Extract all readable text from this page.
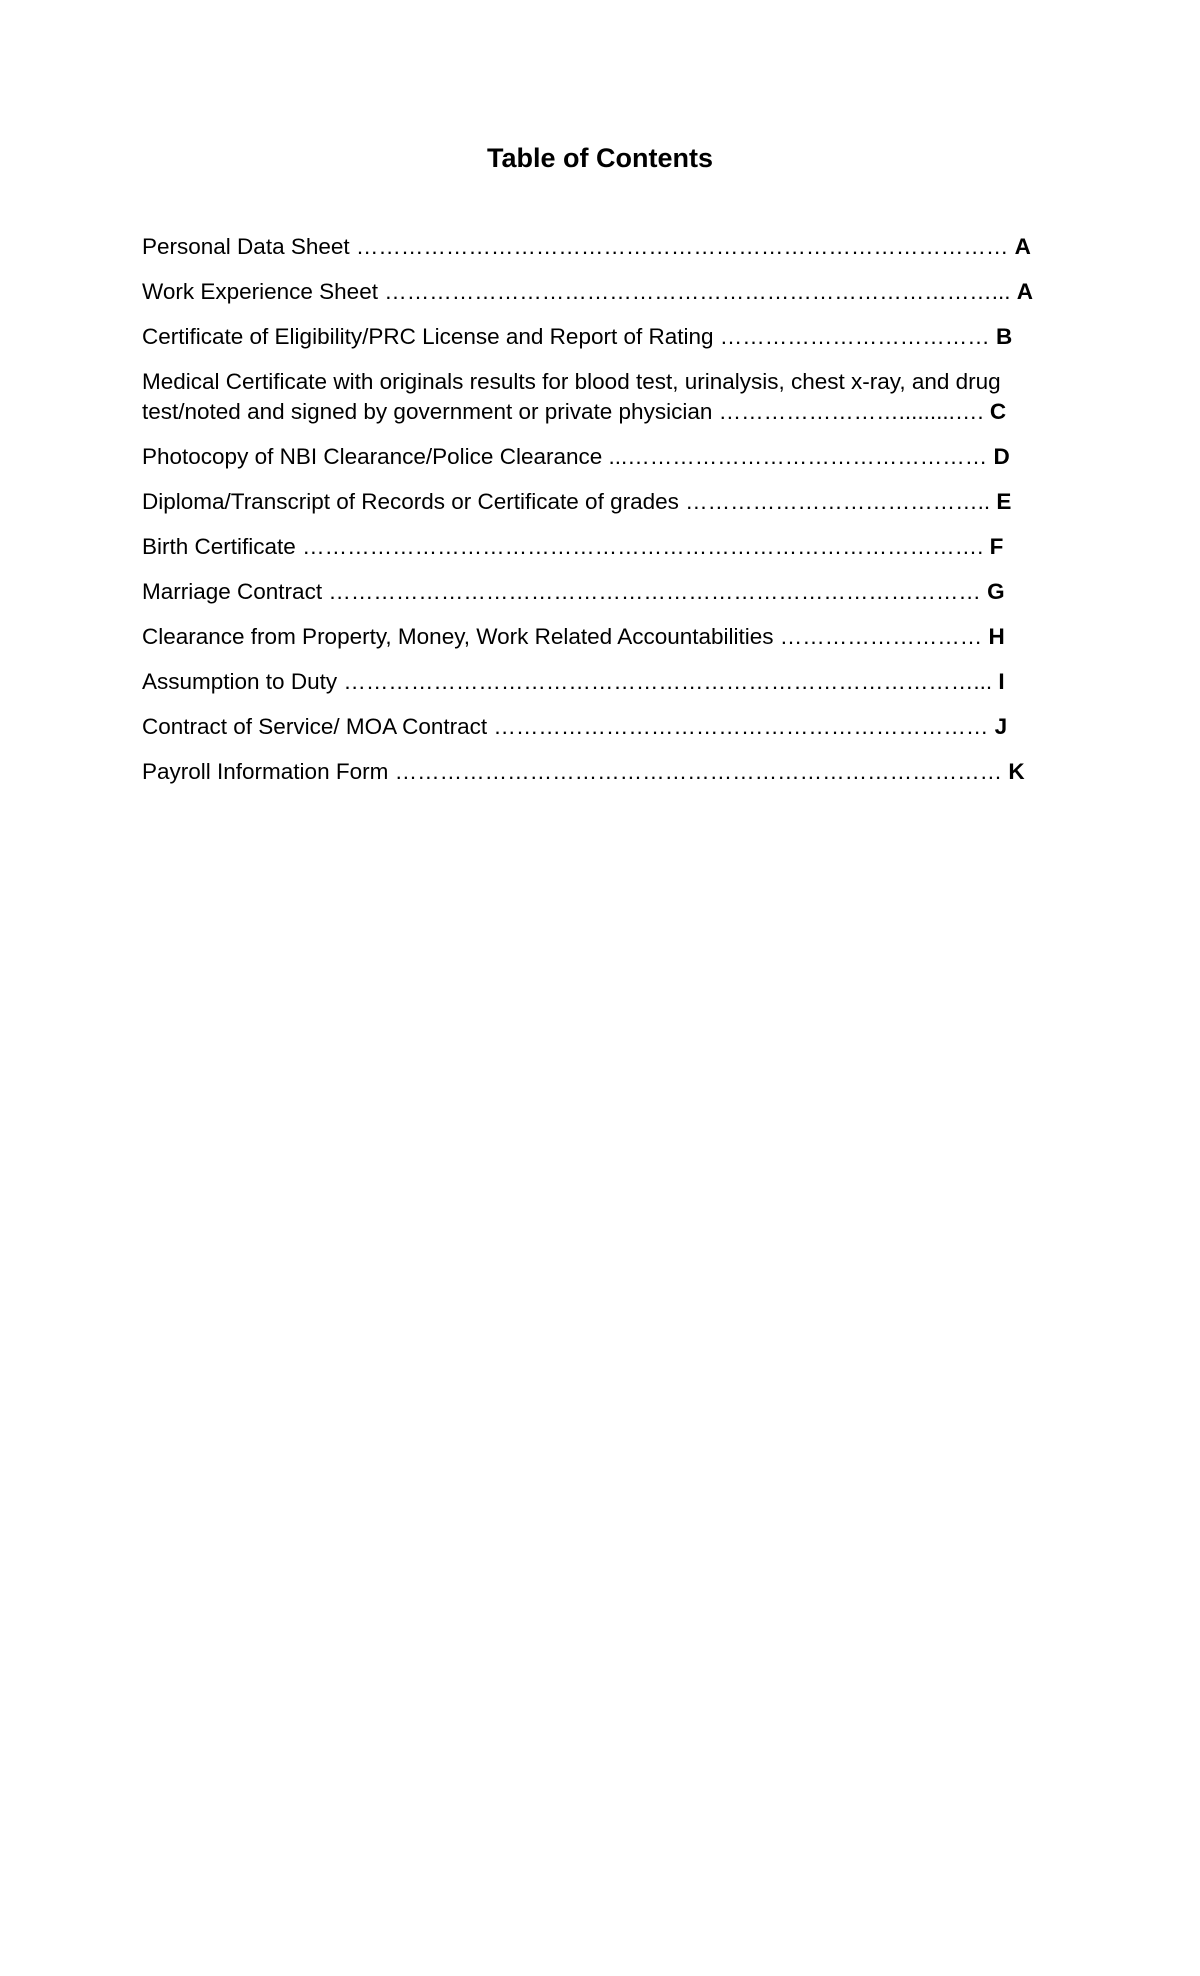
Table of Contents
Personal Data Sheet …………………………………………………………………………… A
Work Experience Sheet ………………………………………………………………………... A
Certificate of Eligibility/PRC License and Report of Rating ……………………………… B
Medical Certificate with originals results for blood test, urinalysis, chest x-ray, and drug
test/noted and signed by government or private physician …………………….........…. C
Photocopy of NBI Clearance/Police Clearance ...………………………………………… D
Diploma/Transcript of Records or Certificate of grades ………………………………….. E
Birth Certificate ………………………………………………………………………………. F
Marriage Contract …………………………………………………………………………… G
Clearance from Property, Money, Work Related Accountabilities ……………………… H
Assumption to Duty …………………………………………………………………………... I
Contract of Service/ MOA Contract ………………………………………………………… J
Payroll Information Form ……………………………………………………………………… K
